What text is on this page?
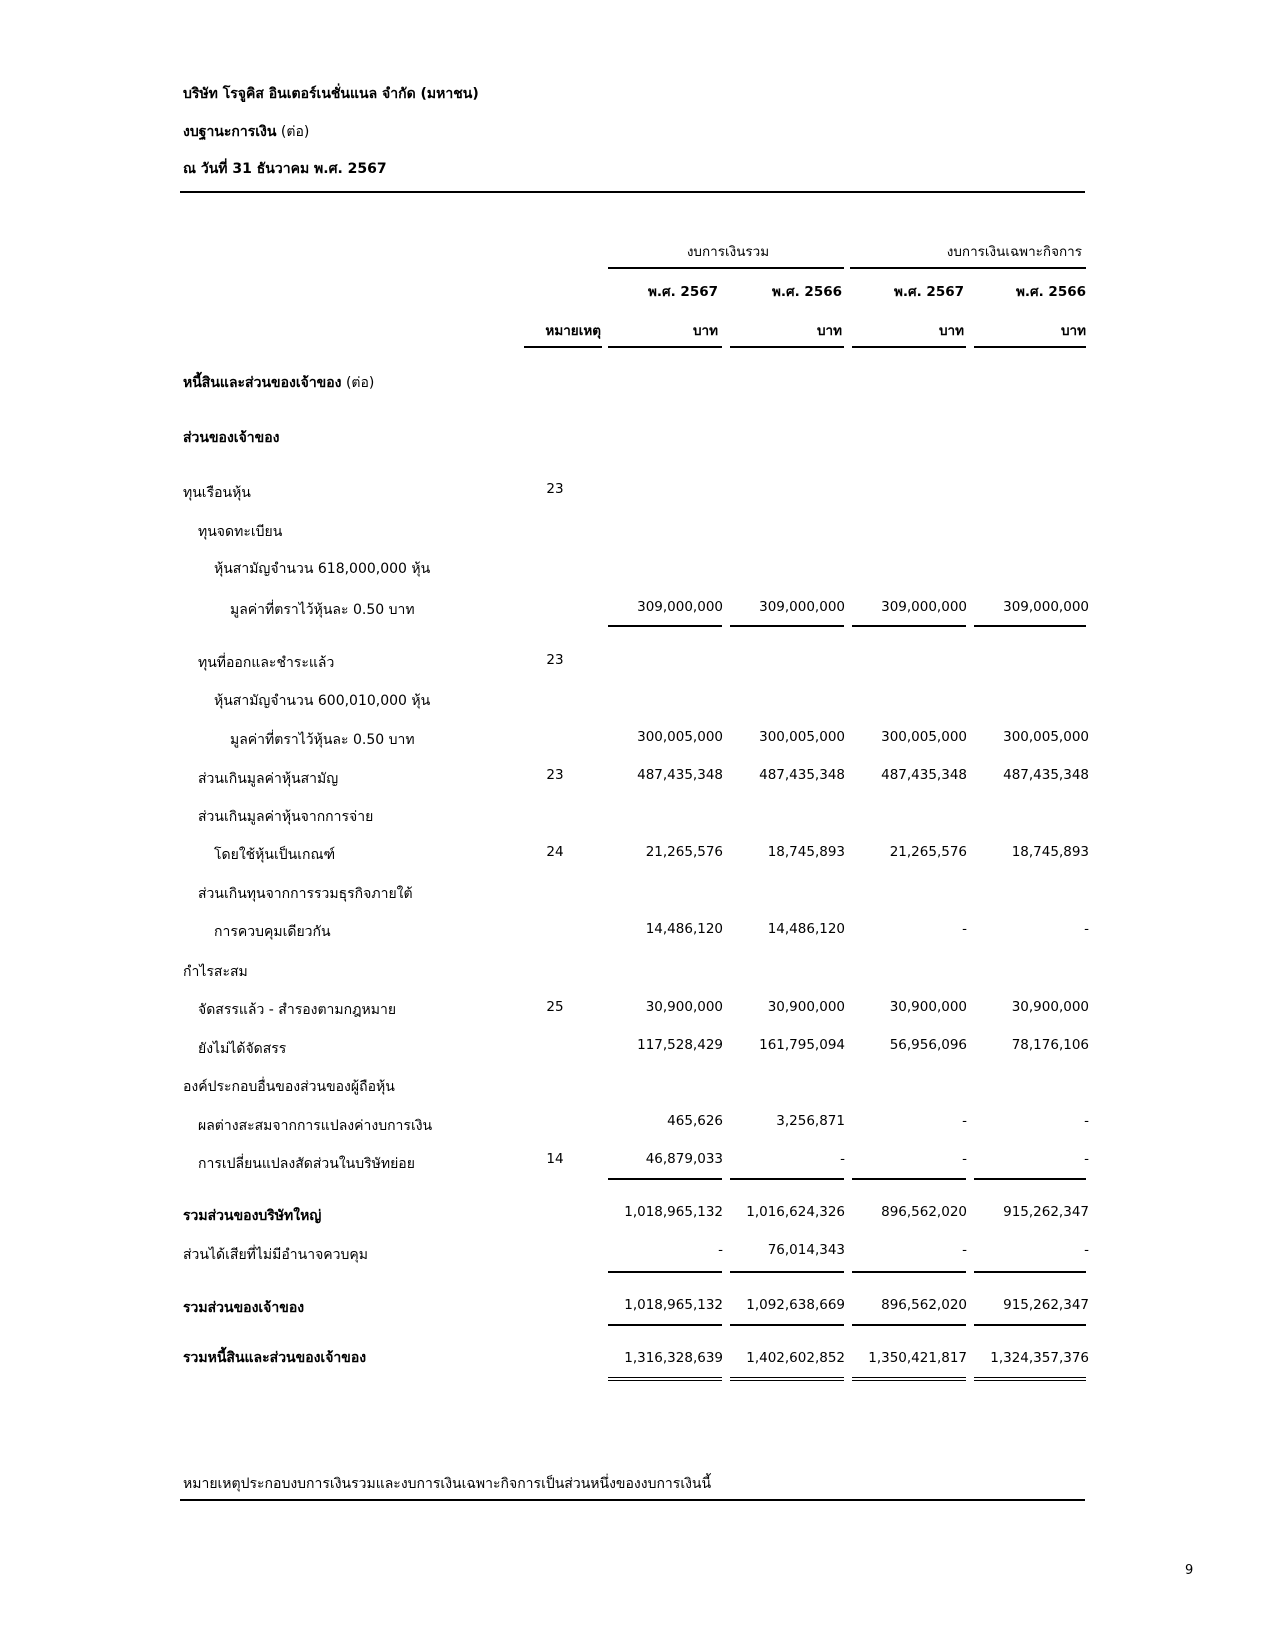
บริษัท โรจูคิส อินเตอร์เนชั่นแนล จำกัด (มหาชน)
งบฐานะการเงิน (ต่อ)
ณ วันที่ 31 ธันวาคม พ.ศ. 2567
งบการเงินรวม	งบการเงินเฉพาะกิจการ
พ.ศ. 2567	พ.ศ. 2566	พ.ศ. 2567	พ.ศ. 2566
หมายเหตุ	บาท	บาท	บาท	บาท
หนี้สินและส่วนของเจ้าของ (ต่อ)
ส่วนของเจ้าของ
ทุนเรือนหุ้น	23
ทุนจดทะเบียน
หุ้นสามัญจำนวน 618,000,000 หุ้น
มูลค่าที่ตราไว้หุ้นละ 0.50 บาท	309,000,000	309,000,000	309,000,000	309,000,000
ทุนที่ออกและชำระแล้ว	23
หุ้นสามัญจำนวน 600,010,000 หุ้น
มูลค่าที่ตราไว้หุ้นละ 0.50 บาท	300,005,000	300,005,000	300,005,000	300,005,000
ส่วนเกินมูลค่าหุ้นสามัญ	23	487,435,348	487,435,348	487,435,348	487,435,348
ส่วนเกินมูลค่าหุ้นจากการจ่าย
โดยใช้หุ้นเป็นเกณฑ์	24	21,265,576	18,745,893	21,265,576	18,745,893
ส่วนเกินทุนจากการรวมธุรกิจภายใต้
การควบคุมเดียวกัน	14,486,120	14,486,120	-	-
กำไรสะสม
จัดสรรแล้ว - สำรองตามกฎหมาย	25	30,900,000	30,900,000	30,900,000	30,900,000
ยังไม่ได้จัดสรร	117,528,429	161,795,094	56,956,096	78,176,106
องค์ประกอบอื่นของส่วนของผู้ถือหุ้น
ผลต่างสะสมจากการแปลงค่างบการเงิน	465,626	3,256,871	-	-
การเปลี่ยนแปลงสัดส่วนในบริษัทย่อย	14	46,879,033	-	-	-
รวมส่วนของบริษัทใหญ่	1,018,965,132	1,016,624,326	896,562,020	915,262,347
ส่วนได้เสียที่ไม่มีอำนาจควบคุม	-	76,014,343	-	-
รวมส่วนของเจ้าของ	1,018,965,132	1,092,638,669	896,562,020	915,262,347
รวมหนี้สินและส่วนของเจ้าของ	1,316,328,639	1,402,602,852	1,350,421,817	1,324,357,376
หมายเหตุประกอบงบการเงินรวมและงบการเงินเฉพาะกิจการเป็นส่วนหนึ่งของงบการเงินนี้
9
